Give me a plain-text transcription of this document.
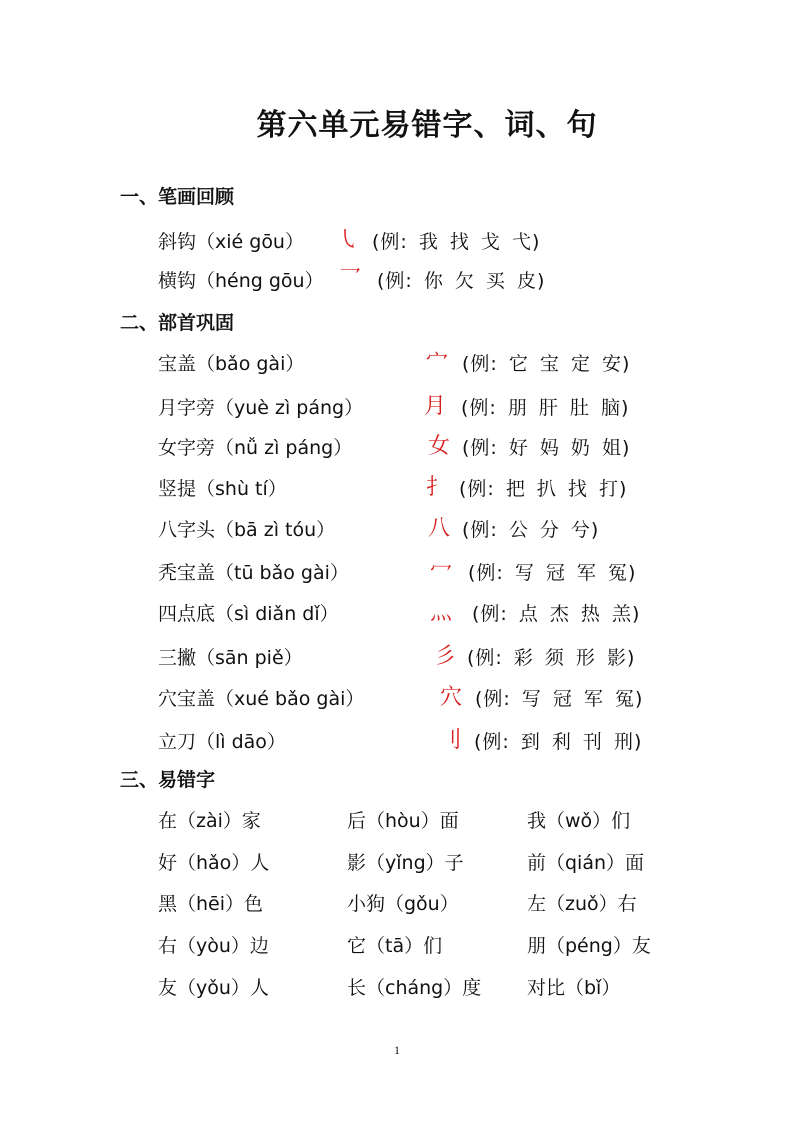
第六单元易错字、词、句
一、笔画回顾
斜钩（xié gōu） ㇂ (例: 我 找 戈 弋)
横钩（héng gōu） 乛 (例: 你 欠 买 皮)
二、部首巩固
宝盖（bǎo gài）	宀 (例: 它 宝 定 安)
月字旁（yuè zì páng）	月 (例: 朋 肝 肚 脑)
女字旁（nǚ zì páng）	女 (例: 好 妈 奶 姐)
竖提（shù tí）	扌 (例: 把 扒 找 打)
八字头（bā zì tóu）	八 (例: 公 分 兮)
秃宝盖（tū bǎo gài）	冖 (例: 写 冠 军 冤)
四点底（sì diǎn dǐ）	灬 (例: 点 杰 热 羔)
三撇（sān piě）	彡 (例: 彩 须 形 影)
穴宝盖（xué bǎo gài）	穴 (例: 写 冠 军 冤)
立刀（lì dāo）	刂 (例: 到 利 刊 刑)
三、易错字
在（zài）家	后（hòu）面	我（wǒ）们
好（hǎo）人	影（yǐng）子	前（qián）面
黑（hēi）色	小狗（gǒu）	左（zuǒ）右
右（yòu）边	它（tā）们	朋（péng）友
友（yǒu）人	长（cháng）度 对比（bǐ）
1
